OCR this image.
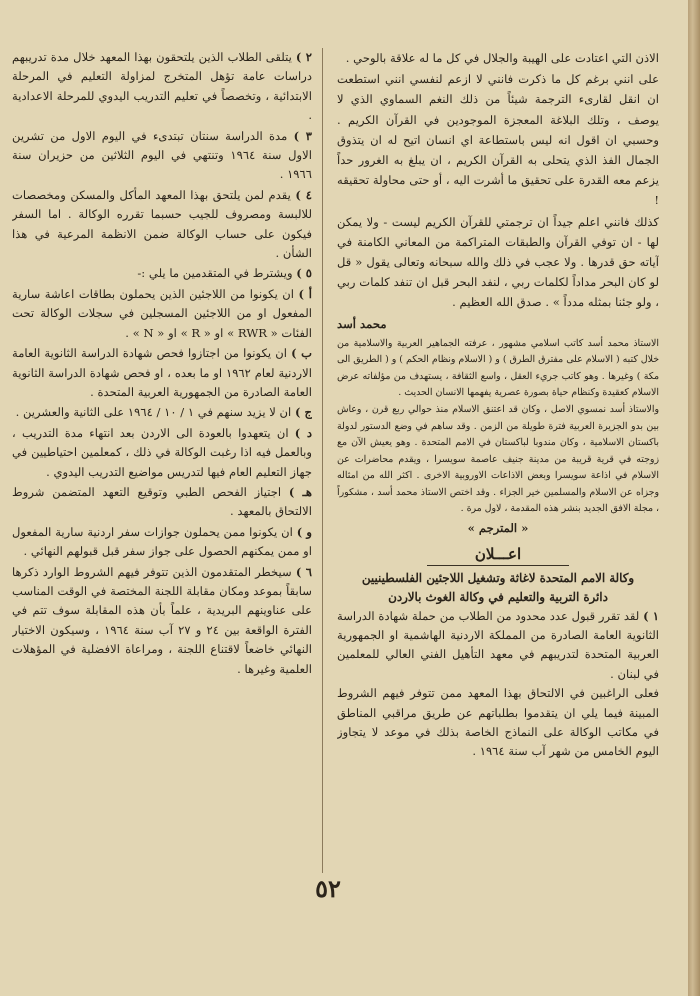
الاذن التي اعتادت على الهيبة والجلال في كل ما له علاقة بالوحي .

على انني برغم كل ما ذكرت فانني لا ازعم لنفسي انني استطعت ان انقل لقارىء الترجمة شيئاً من ذلك النغم السماوي الذي لا يوصف ، وتلك البلاغة المعجزة الموجودين في القرآن الكريم . وحسبي ان اقول انه ليس باستطاعة اي انسان اتيح له ان يتذوق الجمال الفذ الذي يتحلى به القرآن الكريم ، ان يبلغ به الغرور حداً يزعم معه القدرة على تحقيق ما أشرت اليه ، أو حتى محاولة تحقيقه !

كذلك فانني اعلم جيداً ان ترجمتي للقرآن الكريم ليست - ولا يمكن لها - ان توفي القرآن والطبقات المتراكمة من المعاني الكامنة في آياته حق قدرها . ولا عجب في ذلك والله سبحانه وتعالى يقول « قل لو كان البحر مداداً لكلمات ربي ، لنفد البحر قبل ان تنفد كلمات ربي ، ولو جئنا بمثله مدداً » . صدق الله العظيم .

محمد أسد

الاستاذ محمد أسد كاتب اسلامي مشهور ، عرفته الجماهير العربية والاسلامية من خلال كتبه ( الاسلام على مفترق الطرق ) و ( الاسلام ونظام الحكم ) و ( الطريق الى مكة ) وغيرها . وهو كاتب جريء العقل ، واسع الثقافة ، يستهدف من مؤلفاته عرض الاسلام كعقيدة وكنظام حياة بصورة عصرية يفهمها الانسان الحديث .

والاستاذ أسد نمسوي الاصل ، وكان قد اعتنق الاسلام منذ حوالي ربع قرن ، وعاش بين بدو الجزيرة العربية فترة طويلة من الزمن . وقد ساهم في وضع الدستور لدولة باكستان الاسلامية ، وكان مندوبا لباكستان في الامم المتحدة . وهو يعيش الآن مع زوجته في قرية قريبة من مدينة جنيف عاصمة سويسرا ، ويقدم محاضرات عن الاسلام في اذاعة سويسرا وبعض الاذاعات الاوروبية الاخرى . اكثر الله من امثاله وجزاه عن الاسلام والمسلمين خير الجزاء . وقد اختص الاستاذ محمد أسد ، مشكوراً ، مجلة الافق الجديد بنشر هذه المقدمة ، لاول مرة .

« المترجم »

اعـــلان
وكالة الامم المتحدة لاغاثة وتشغيل اللاجئين الفلسطينيين
دائرة التربية والتعليم في وكالة الغوث بالاردن

١ ) لقد تقرر قبول عدد محدود من الطلاب من حملة شهادة الدراسة الثانوية العامة الصادرة من المملكة الاردنية الهاشمية او الجمهورية العربية المتحدة لتدريبهم في معهد التأهيل الفني العالي للمعلمين في لبنان .

فعلى الراغبين في الالتحاق بهذا المعهد ممن تتوفر فيهم الشروط المبينة فيما يلي ان يتقدموا بطلباتهم عن طريق مراقبي المناطق في مكاتب الوكالة على النماذج الخاصة بذلك في موعد لا يتجاوز اليوم الخامس من شهر آب سنة ١٩٦٤ .

٢ ) يتلقى الطلاب الذين يلتحقون بهذا المعهد خلال مدة تدريبهم دراسات عامة تؤهل المتخرج لمزاولة التعليم في المرحلة الابتدائية ، وتخصصاً في تعليم التدريب اليدوي للمرحلة الاعدادية .

٣ ) مدة الدراسة سنتان تبتدىء في اليوم الاول من تشرين الاول سنة ١٩٦٤ وتنتهي في اليوم الثلاثين من حزيران سنة ١٩٦٦ .

٤ ) يقدم لمن يلتحق بهذا المعهد المأكل والمسكن ومخصصات للالبسة ومصروف للجيب حسبما تقرره الوكالة . اما السفر فيكون على حساب الوكالة ضمن الانظمة المرعية في هذا الشأن .

٥ ) ويشترط في المتقدمين ما يلي :-

أ ) ان يكونوا من اللاجئين الذين يحملون بطاقات اعاشة سارية المفعول او من اللاجئين المسجلين في سجلات الوكالة تحت الفئات « RWR » او « R » او « N » .

ب ) ان يكونوا من اجتازوا فحص شهادة الدراسة الثانوية العامة الاردنية لعام ١٩٦٢ او ما بعده ، او فحص شهادة الدراسة الثانوية العامة الصادرة من الجمهورية العربية المتحدة .

ج ) ان لا يزيد سنهم في ١ / ١٠ / ١٩٦٤ على الثانية والعشرين .

د ) ان يتعهدوا بالعودة الى الاردن بعد انتهاء مدة التدريب ، وبالعمل فيه اذا رغبت الوكالة في ذلك ، كمعلمين احتياطيين في جهاز التعليم العام فيها لتدريس مواضيع التدريب اليدوي .

هـ ) اجتياز الفحص الطبي وتوقيع التعهد المتضمن شروط الالتحاق بالمعهد .

و ) ان يكونوا ممن يحملون جوازات سفر اردنية سارية المفعول او ممن يمكنهم الحصول على جواز سفر قبل قبولهم النهائي .

٦ ) سيخطر المتقدمون الذين تتوفر فيهم الشروط الوارد ذكرها سابقاً بموعد ومكان مقابلة اللجنة المختصة في الوقت المناسب على عناوينهم البريدية ، علماً بأن هذه المقابلة سوف تتم في الفترة الواقعة بين ٢٤ و ٢٧ آب سنة ١٩٦٤ ، وسيكون الاختيار النهائي خاضعاً لاقتناع اللجنة ، ومراعاة الافضلية في المؤهلات العلمية وغيرها .

٥٢
